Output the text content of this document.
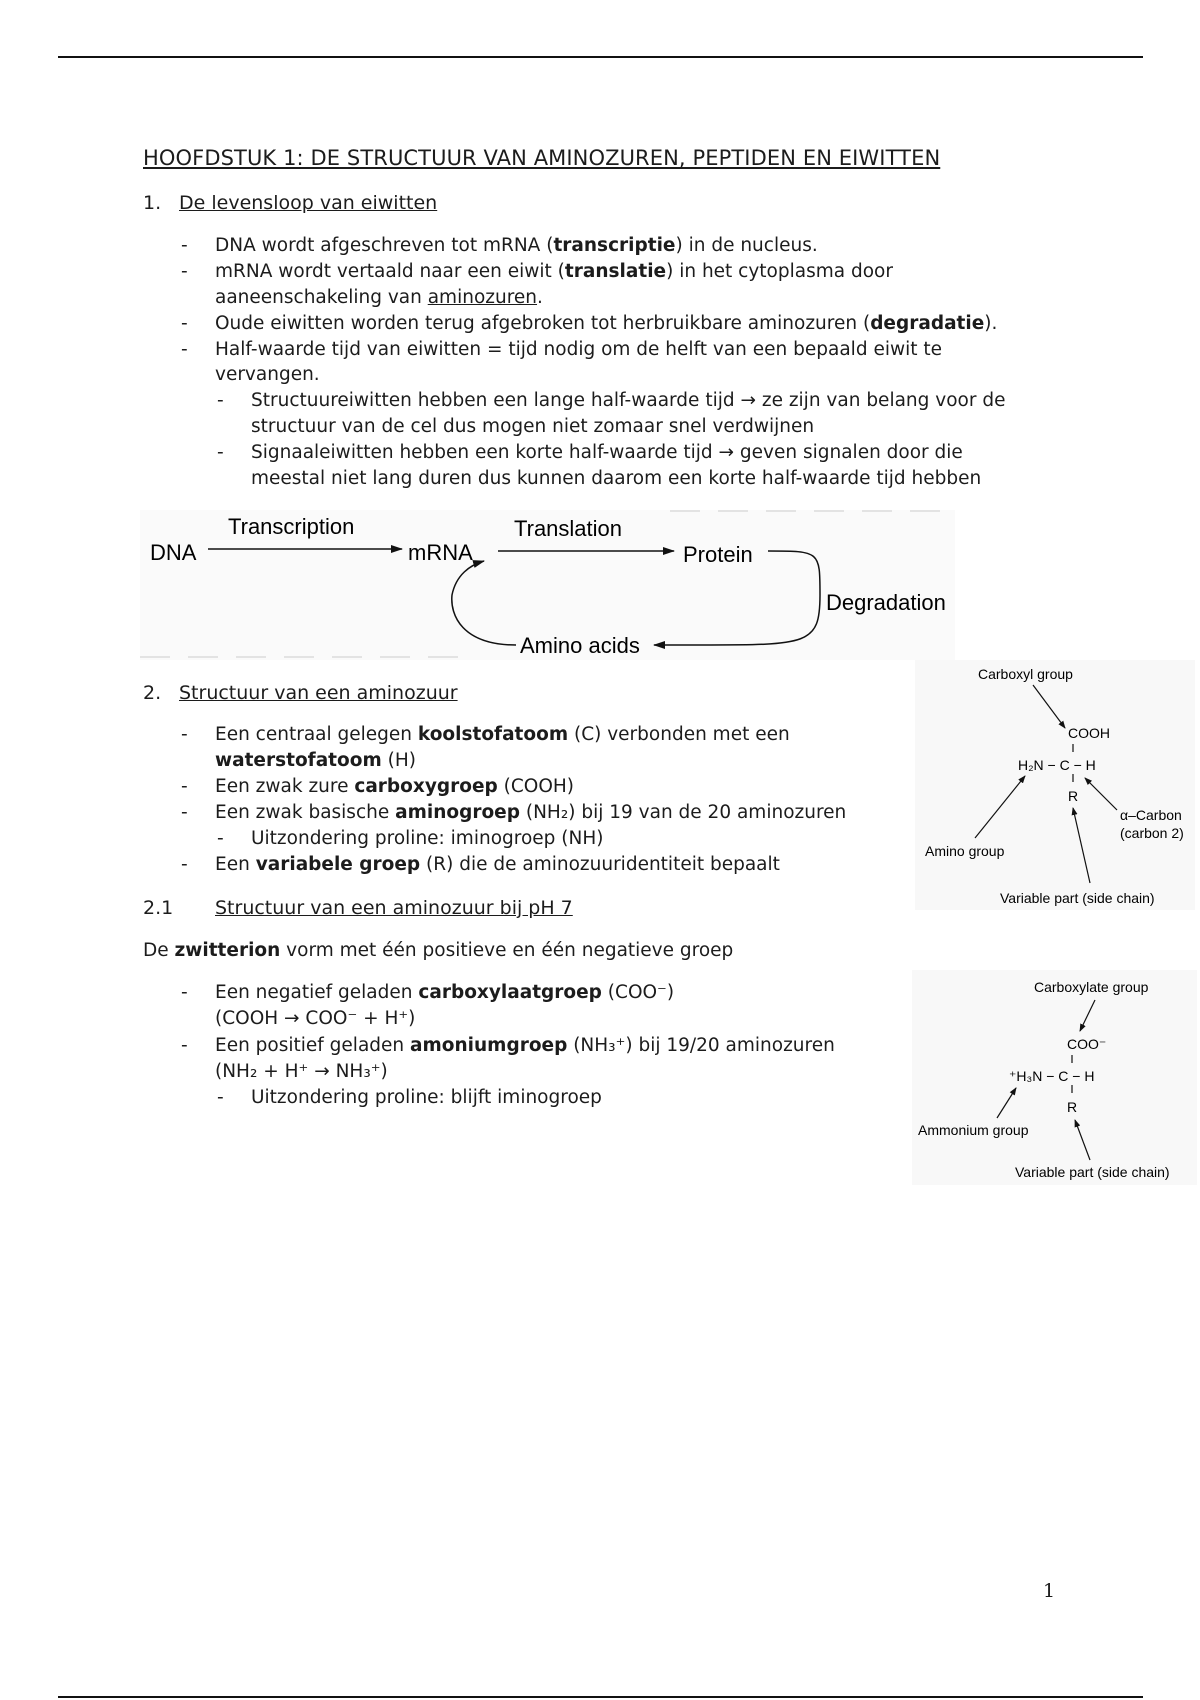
HOOFDSTUK 1: DE STRUCTUUR VAN AMINOZUREN, PEPTIDEN EN EIWITTEN
1. De levensloop van eiwitten
- DNA wordt afgeschreven tot mRNA (transcriptie) in de nucleus.
- mRNA wordt vertaald naar een eiwit (translatie) in het cytoplasma door
aaneenschakeling van aminozuren.
- Oude eiwitten worden terug afgebroken tot herbruikbare aminozuren (degradatie).
- Half-waarde tijd van eiwitten = tijd nodig om de helft van een bepaald eiwit te
vervangen.
- Structuureiwitten hebben een lange half-waarde tijd → ze zijn van belang voor de
structuur van de cel dus mogen niet zomaar snel verdwijnen
- Signaaleiwitten hebben een korte half-waarde tijd → geven signalen door die
meestal niet lang duren dus kunnen daarom een korte half-waarde tijd hebben
DNA
Transcription
mRNA
Translation
Protein
Degradation
Amino acids
2. Structuur van een aminozuur
- Een centraal gelegen koolstofatoom (C) verbonden met een
waterstofatoom (H)
- Een zwak zure carboxygroep (COOH)
- Een zwak basische aminogroep (NH₂) bij 19 van de 20 aminozuren
- Uitzondering proline: iminogroep (NH)
- Een variabele groep (R) die de aminozuuridentiteit bepaalt
Carboxyl group
COOH
H₂N − C − H
R
α–Carbon
(carbon 2)
Amino group
Variable part (side chain)
2.1 Structuur van een aminozuur bij pH 7
De zwitterion vorm met één positieve en één negatieve groep
- Een negatief geladen carboxylaatgroep (COO⁻)
(COOH → COO⁻ + H⁺)
- Een positief geladen amoniumgroep (NH₃⁺) bij 19/20 aminozuren
(NH₂ + H⁺ → NH₃⁺)
- Uitzondering proline: blijft iminogroep
Carboxylate group
COO⁻
⁺H₃N − C − H
R
Ammonium group
Variable part (side chain)
1
